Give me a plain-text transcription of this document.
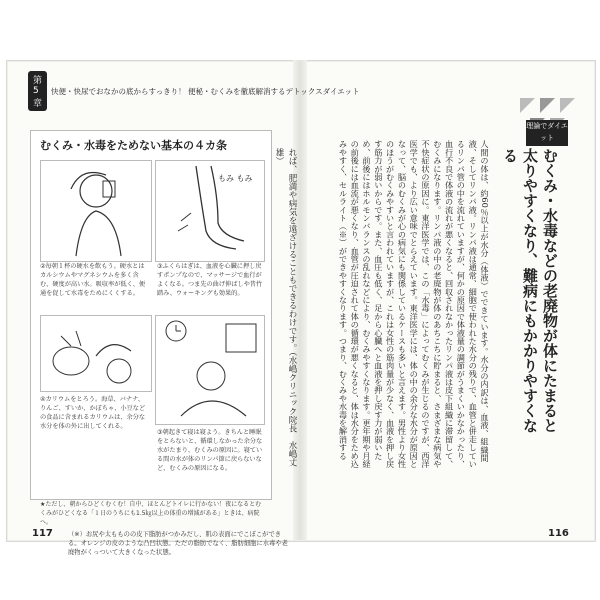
第5章
快便・快尿でおなかの底からすっきり！ 便秘・むくみを徹底解消するデトックスダイエット
むくみ・水毒をためない基本の４カ条
もみ もみ
②毎朝１杯の硬水を飲もう。硬水とはカルシウムやマグネシウムを多く含む、硬度が高い水。吸収率が低く、便通を促して水毒をためにくくする。
③ふくらはぎは、血液を心臓に押し戻すポンプなので、マッサージで血行がよくなる。つま先の曲げ伸ばしや昔竹踏み、ウォーキングも効果的。
④カリウムをとろう。海草、バナナ、りんご、すいか、かぼちゃ、小豆などの食品に含まれるカリウムは、余分な水分を体の外に出してくれる。
③朝起きて寝は寝よう。きちんと睡眠をとらないと、循環しなかった余分な水がたまり、むくみの原因に。寝ている間の水が体のリンパ節に戻らないなど、むくみの原因になる。
★ただし、朝からひどくむくむ！自中、ほとんどトイレに行かない！夜になるとむくみがひどくなる「１日のうちにも1.5㎏以上の体重の増減がある」ときは、病院へ。
れば、肥満や病気を遠ざけることもできるわけです。（水嶋クリニック院長　水嶋丈雄）
117 （※）お尻や太もものの皮下脂肪がつかみだし、肌の表面にでこぼこができる。オレンジの皮のような凸凹状態。ただの脂肪でなく、脂肪細胞に水毒や老廃物がくっついて大きくなった状態。
理論でダイエット
むくみ・水毒などの老廃物が体にたまると太りやすくなり、難病にもかかりやすくなる
人間の体は、約60％以上が水分（体液）でできています。水分の内訳は、血液、組織間液、そしてリンパ液。リンパ液は通常、細胞で使われた水分の残りで、血管と併走しているリンパ管の中を流れていますが、何かの原因で体液量の調節がうまくいかなかったり、血行不良で体液の流れが悪くなると、回収されなかったリンパ液は皮下組織に滞留して、むくみになります。リンパ液の中の老廃物が体のあちこちに貯まると、さまざまな病気や不快症状の原因に。東洋医学では、この「水毒」によってむくみが生じるのですが、西洋医学でも、より広い意味でとらえています。東洋医学には、体の中の余分な水分が原因となって、脳のむくみが心の病気にも関係しているケースも多いと言えます。男性より女性のほうがむくみやすいと言われていますが、これは女性の筋肉量が少なく、血液を押し戻す筋力が弱いからです。また、血圧も低く、足から心臓へと血液を押し戻す力が弱いため、前後にはホルモンバランスの乱れなどにより、むくみやすくなります。更年期や月経の前後には血流が悪くなり、血管が圧迫されて体の循環が悪くなると、体は水分をため込みやすく、セルライト（※）ができやすくなります。つまり、むくみや水毒を解消する
116
